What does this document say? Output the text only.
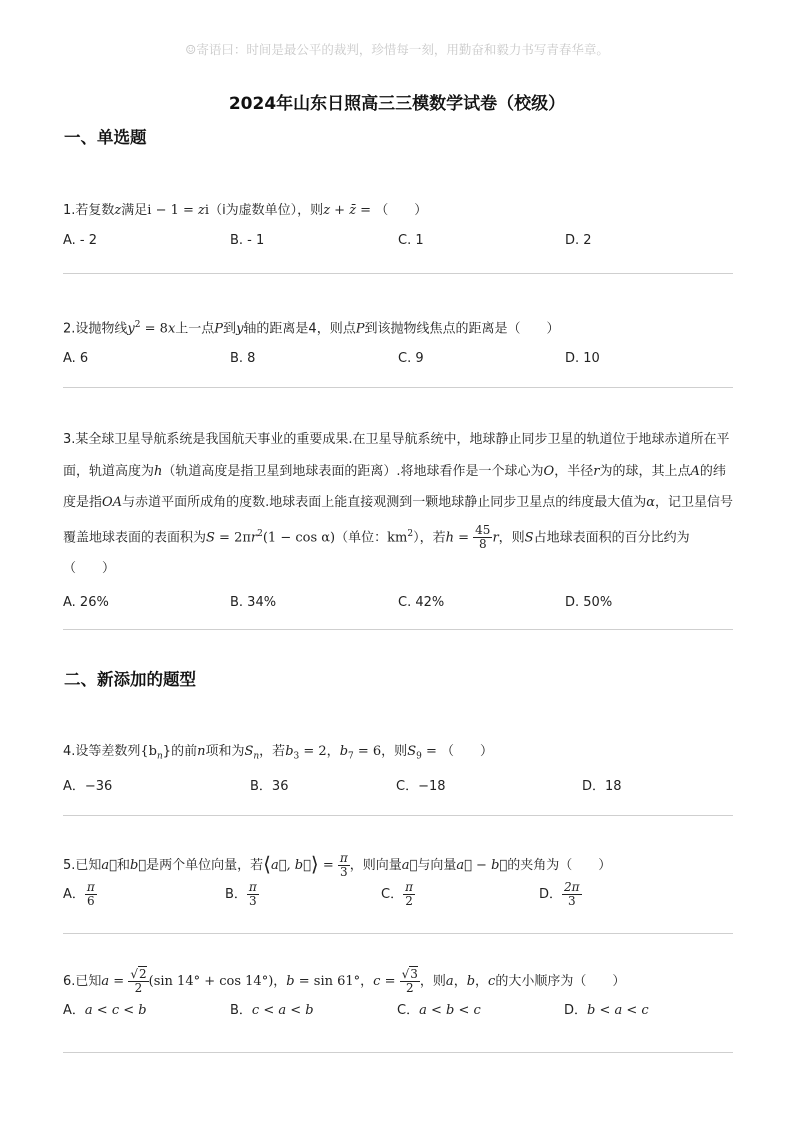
☺寄语曰：时间是最公平的裁判，珍惜每一刻，用勤奋和毅力书写青春华章。
2024年山东日照高三三模数学试卷（校级）
一、单选题
1.若复数z满足i − 1 = zi（i为虚数单位），则z + z̄ = （　　）
A. - 2	B. - 1	C. 1	D. 2
2.设抛物线$y^2 = 8x$上一点P到y轴的距离是4，则点P到该抛物线焦点的距离是（　　）
A. 6	B. 8	C. 9	D. 10
3.某全球卫星导航系统是我国航天事业的重要成果.在卫星导航系统中，地球静止同步卫星的轨道位于地球赤道所在平面，轨道高度为h（轨道高度是指卫星到地球表面的距离）.将地球看作是一个球心为O，半径r为的球，其上点A的纬度是指OA与赤道平面所成角的度数.地球表面上能直接观测到一颗地球静止同步卫星点的纬度最大值为α，记卫星信号覆盖地球表面的表面积为$S = 2\pi r^2(1 - \cos \alpha)$（单位：$km^2$），若$h = \frac{45}{8}$ r，则S占地球表面积的百分比约为（　　）
A. 26%	B. 34%	C. 42%	D. 50%
二、新添加的题型
4.设等差数列$\{b_n\}$的前n项和为$S_n$，若$b_3 = 2$，$b_7 = 6$，则$S_9$ = （　　）
A．−36	B．36	C．−18	D．18
5.已知a⃗和b⃗是两个单位向量，若⟨a⃗, b⃗⟩ = $\frac{\pi}{3}$ ，则向量a⃗与向量a⃗ − b⃗的夹角为（　　）
A． $\frac{\pi}{6}$	B． $\frac{\pi}{3}$	C． $\frac{\pi}{2}$	D． $\frac{2\pi}{3}$
6.已知$a = \frac{√2}{2} (\sin$ 14° + cos 14°)，b = sin 61°，$c = \frac{√3}{2}$ ，则a，b，c的大小顺序为（　　）
A．a < c < b	B．c < a < b	C．a < b < c	D．b < a < c
